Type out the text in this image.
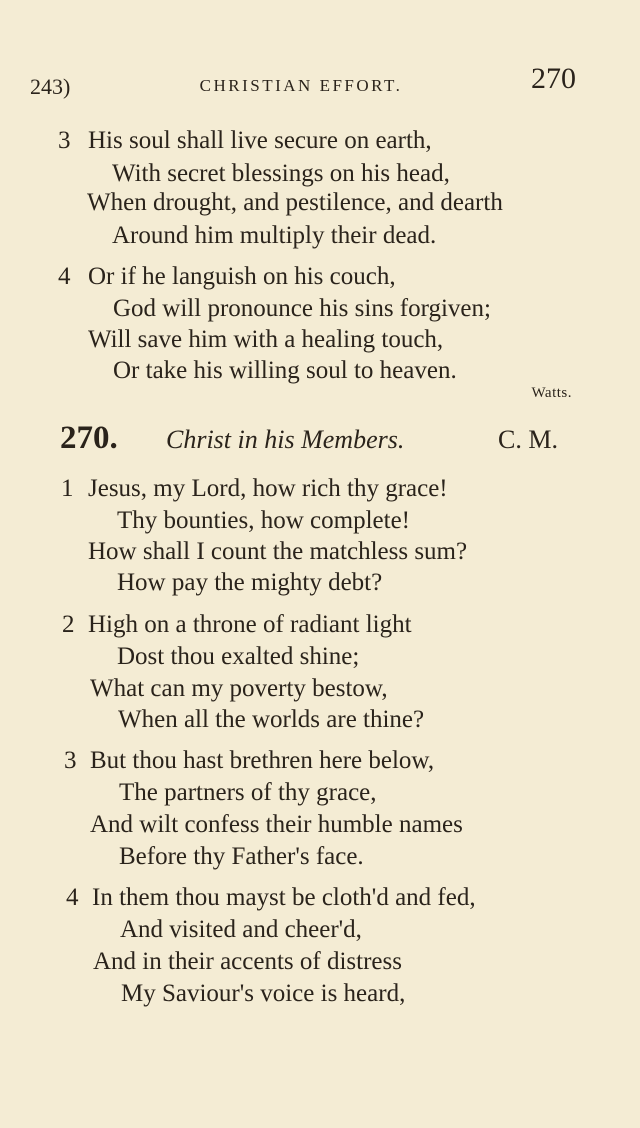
243)	CHRISTIAN EFFORT.	270
3 His soul shall live secure on earth,
With secret blessings on his head,
When drought, and pestilence, and dearth
Around him multiply their dead.
4 Or if he languish on his couch,
God will pronounce his sins forgiven;
Will save him with a healing touch,
Or take his willing soul to heaven.
Watts.
270. Christ in his Members.	C. M.
1 Jesus, my Lord, how rich thy grace!
Thy bounties, how complete!
How shall I count the matchless sum?
How pay the mighty debt?
2 High on a throne of radiant light
Dost thou exalted shine;
What can my poverty bestow,
When all the worlds are thine?
3 But thou hast brethren here below,
The partners of thy grace,
And wilt confess their humble names
Before thy Father's face.
4 In them thou mayst be cloth'd and fed,
And visited and cheer'd,
And in their accents of distress
My Saviour's voice is heard,
